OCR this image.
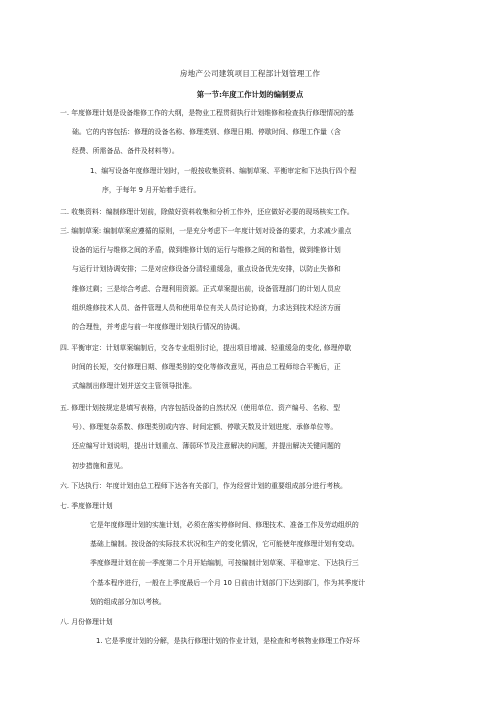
房地产公司建筑项目工程部计划管理工作
第一节:年度工作计划的编制要点
一. 年度修理计划是设备维修工作的大纲，是物业工程贯彻执行计划维修和检查执行修理情况的基
础。它的内容包括：修理的设备名称、修理类别、修理日期、停歇时间、修理工作量（含
经费、所需备品、备件及材料等）。
1、编写设备年度修理计划时，一般按收集资料、编制草案、平衡审定和下达执行四个程
序，于每年 9 月开始着手进行。
二. 收集资料：编制修理计划前，除做好资料收集和分析工作外，还应做好必要的现场核实工作。
三. 编制草案: 编制草案应遵循的原则，一是充分考虑下一年度计划对设备的要求，力求减少重点
设备的运行与维修之间的矛盾，做到维修计划的运行与维修之间的和谐性，做到维修计划
与运行计划协调安排；二是对应修设备分清轻重缓急，重点设备优先安排，以防止失修和
维修过剩；三是综合考虑、合理利用资源。正式草案提出前，设备管理部门的计划人员应
组织维修技术人员、备件管理人员和使用单位有关人员讨论协商，力求达到技术经济方面
的合理性，并考虑与前一年度修理计划执行情况的协调。
四. 平衡审定：计划草案编制后，交各专业组别讨论，提出项目增减、轻重缓急的变化, 修理停歇
时间的长短，交付修理日期、修理类别的变化等修改意见，再由总工程师综合平衡后，正
式编制出修理计划并送交主管领导批准。
五. 修理计划按规定是填写表格，内容包括设备的自然状况（使用单位、资产编号、名称、型
号）、修理复杂系数、修理类别或内容、时间定额、停歇天数及计划进度、承修单位等。
还应编写计划说明，提出计划重点、薄弱环节及注意解决的问题，并提出解决关键问题的
初步措施和意见。
六. 下达执行：年度计划由总工程师下达各有关部门，作为经营计划的重要组成部分进行考核。
七. 季度修理计划
它是年度修理计划的实施计划，必须在落实停修时间、修理技术、准备工作及劳动组织的
基础上编制。按设备的实际技术状况和生产的变化情况，它可能使年度修理计划有变动。
季度修理计划在前一季度第二个月开始编制，可按编制计划草案、平稳审定、下达执行三
个基本程序进行，一般在上季度最后一个月 10 日前由计划部门下达到部门，作为其季度计
划的组成部分加以考核。
八. 月份修理计划
1. 它是季度计划的分解，是执行修理计划的作业计划，是检查和考核物业修理工作好坏
